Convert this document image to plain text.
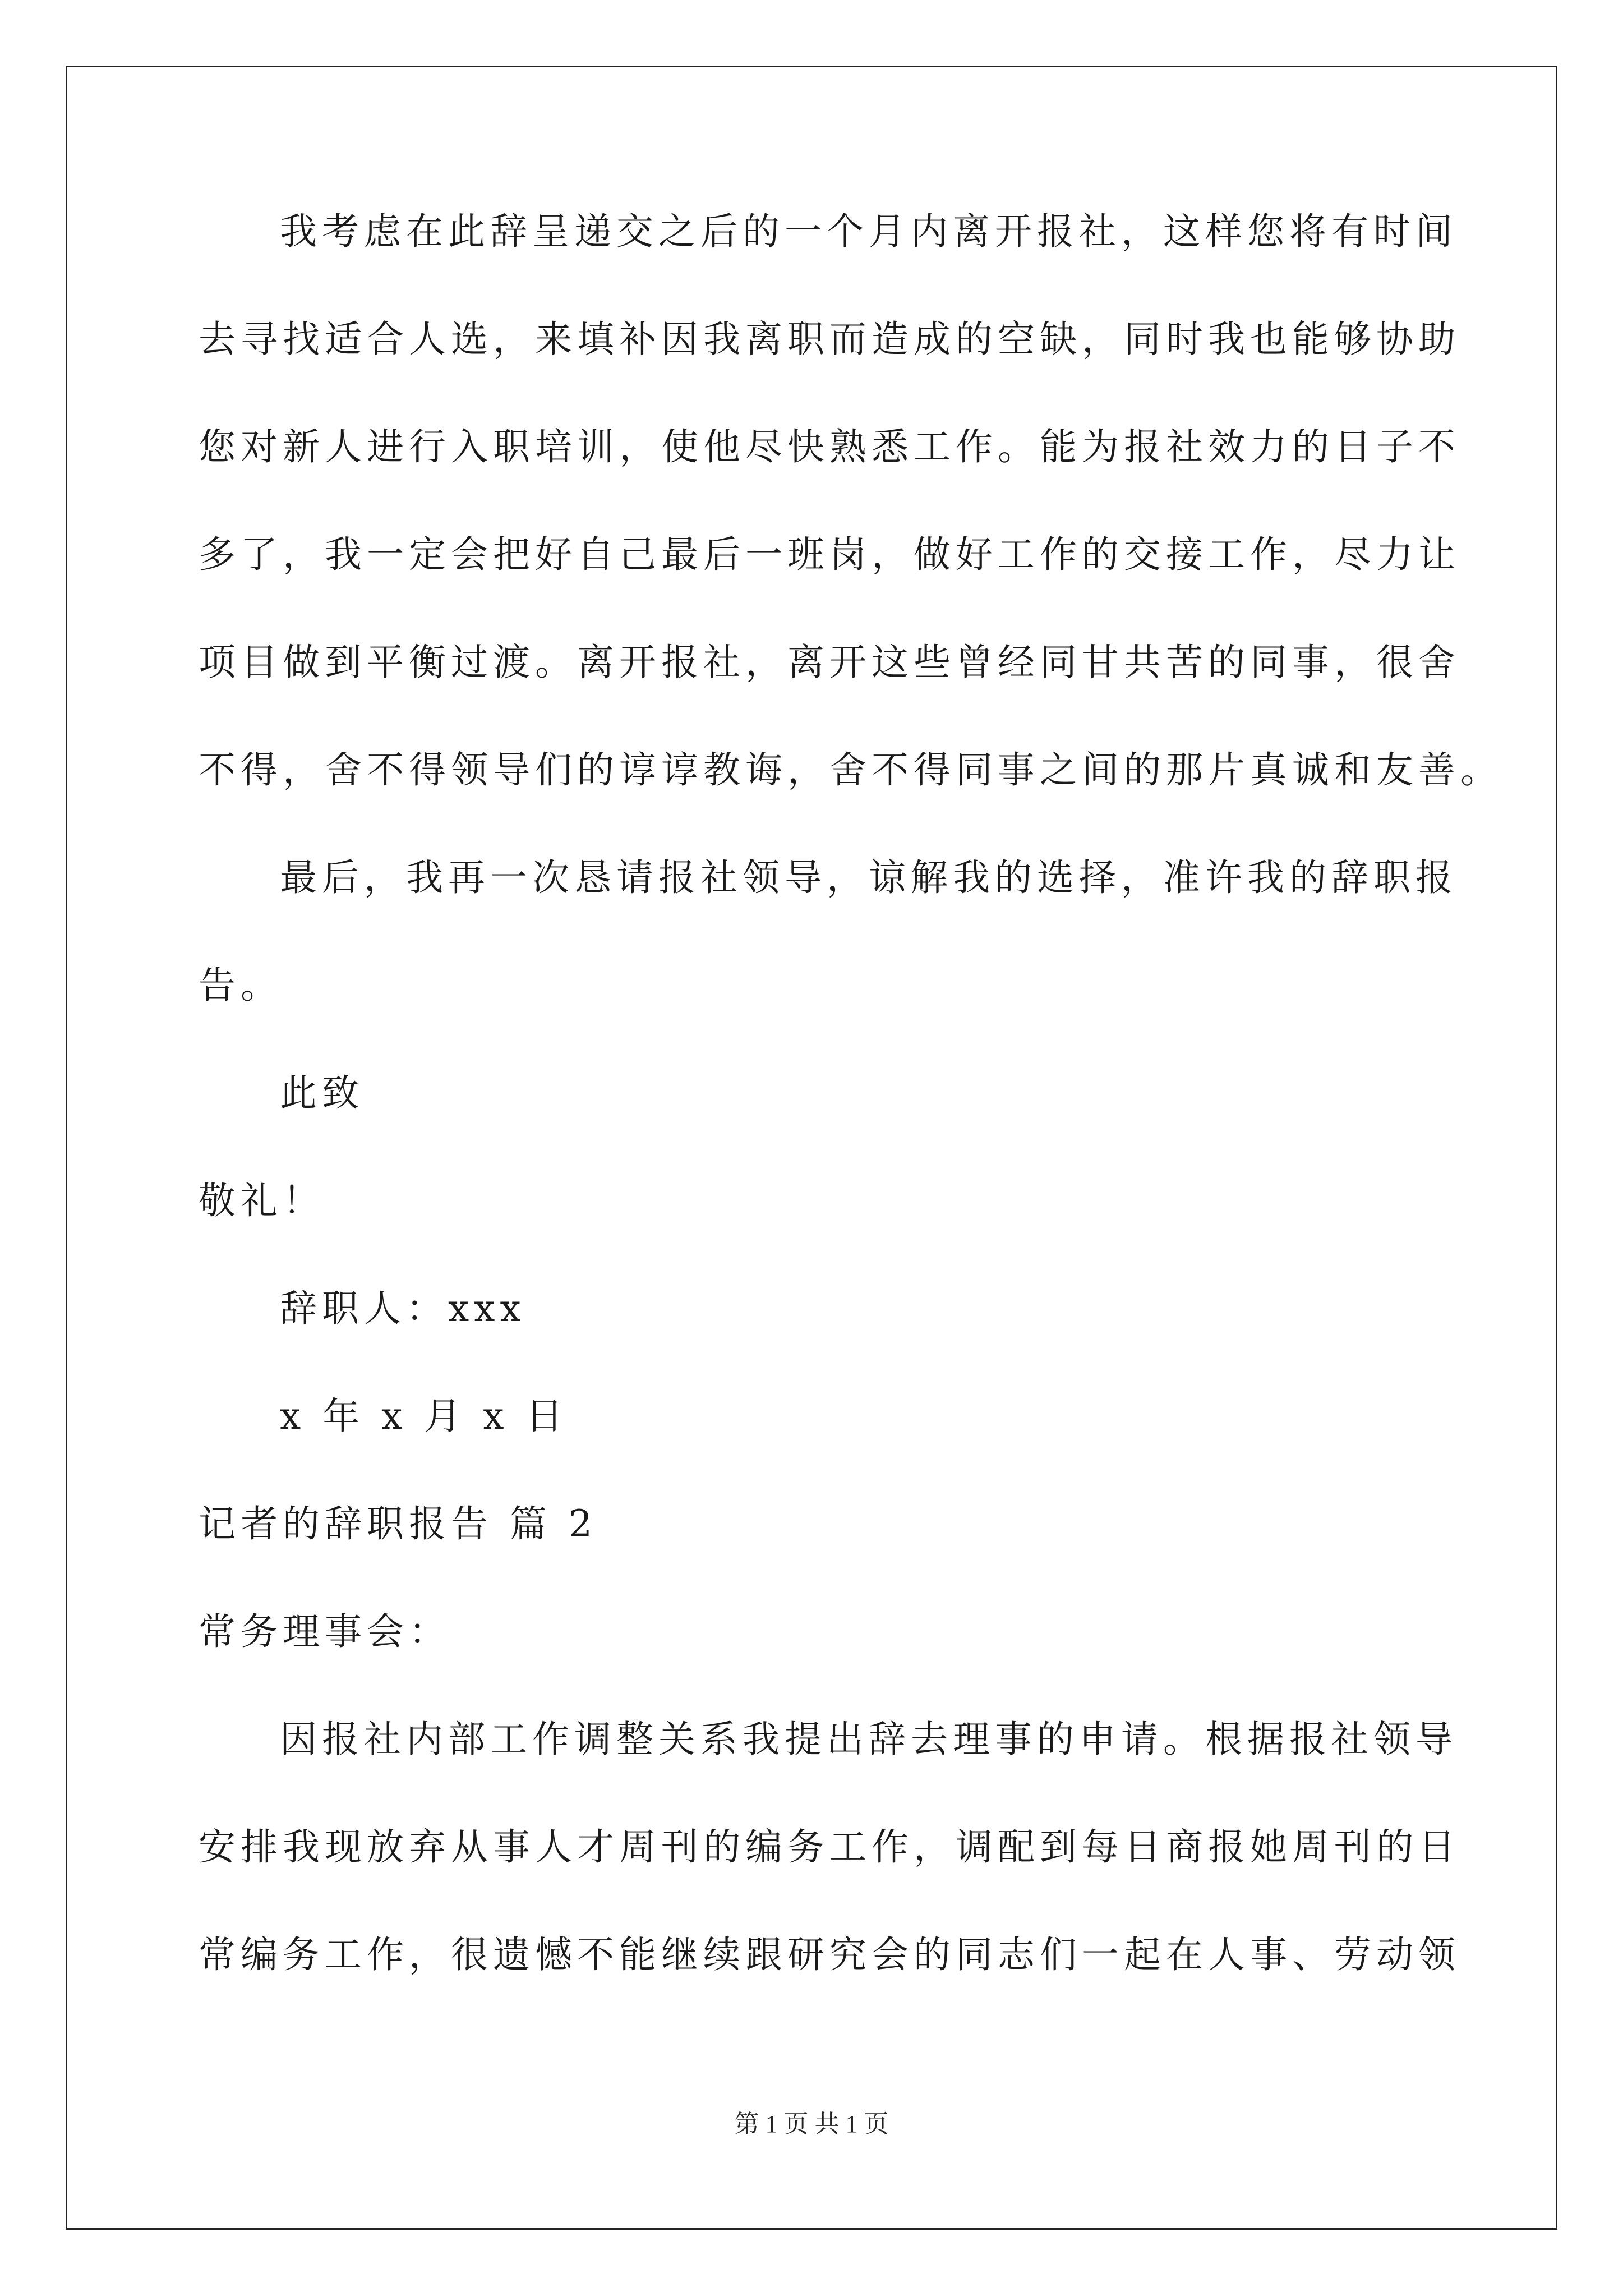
我考虑在此辞呈递交之后的一个月内离开报社，这样您将有时间
去寻找适合人选，来填补因我离职而造成的空缺，同时我也能够协助
您对新人进行入职培训，使他尽快熟悉工作。能为报社效力的日子不
多了，我一定会把好自己最后一班岗，做好工作的交接工作，尽力让
项目做到平衡过渡。离开报社，离开这些曾经同甘共苦的同事，很舍
不得，舍不得领导们的谆谆教诲，舍不得同事之间的那片真诚和友善。
最后，我再一次恳请报社领导，谅解我的选择，准许我的辞职报
告。
此致
敬礼！
辞职人：xxx
x 年 x 月 x 日
记者的辞职报告 篇 2
常务理事会：
因报社内部工作调整关系我提出辞去理事的申请。根据报社领导
安排我现放弃从事人才周刊的编务工作，调配到每日商报她周刊的日
常编务工作，很遗憾不能继续跟研究会的同志们一起在人事、劳动领
第 1 页 共 1 页
